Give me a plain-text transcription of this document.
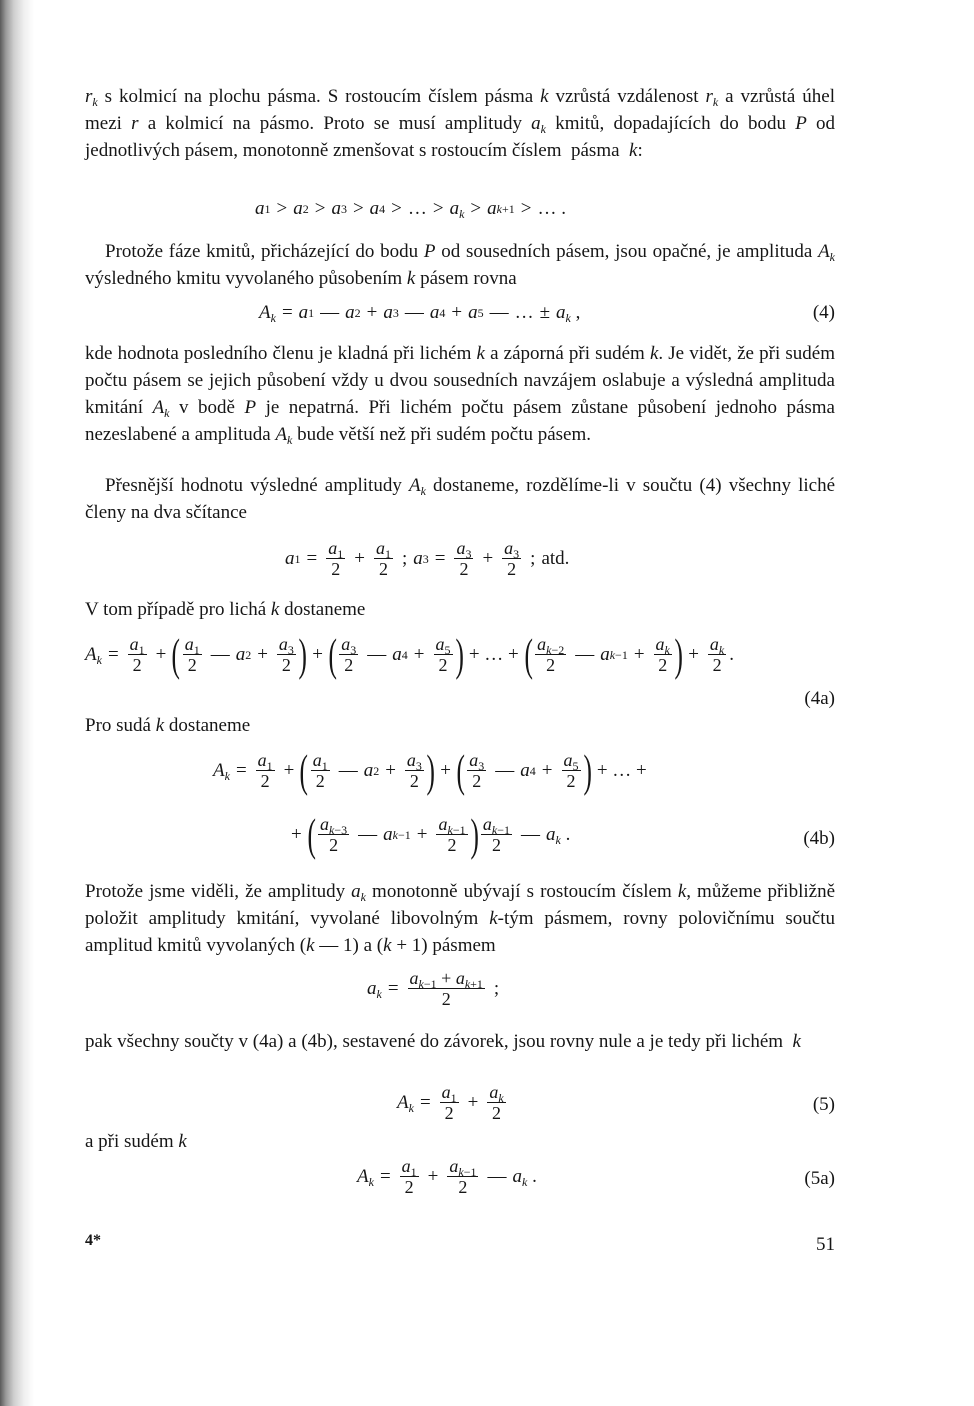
$r_k$ s kolmicí na plochu pásma. S rostoucím číslem pásma k vzrůstá vzdálenost $r_k$ a vzrůstá úhel mezi r a kolmicí na pásmo. Proto se musí amplitudy $a_k$ kmitů, dopadajících do bodu P od jednotlivých pásem, monotonně zmenšovat s rostoucím číslem  pásma  k:

a 1 > a 2 > a 3 > a 4 > … > $a_k > a$ k+1 > … .

Protože fáze kmitů, přicházející do bodu P od sousedních pásem, jsou opačné, je amplituda $A_k$ výsledného kmitu vyvolaného působením k pásem rovna

$A_k = a$ 1 — a 2 + a 3 — a 4 + a 5 — … ± $a_k$ ,	(4)

kde hodnota posledního členu je kladná při lichém k a záporná při sudém k. Je vidět, že při sudém počtu pásem se jejich působení vždy u dvou sousedních navzájem oslabuje a výsledná amplituda kmitání $A_k$ v bodě P je nepatrná. Při lichém počtu pásem zůstane působení jednoho pásma nezeslabené a amplituda $A_k$ bude větší než při sudém počtu pásem.

Přesnější hodnotu výsledné amplitudy $A_k$ dostaneme, rozdělíme-li v součtu (4) všechny liché členy na dva sčítance

a $1 = \frac{a_1}{2} + \frac{a_1}{2}$ ; a $3 = \frac{a_3}{2} + \frac{a_3}{2}$ ; atd.

V tom případě pro lichá k dostaneme

$A_k = \frac{a_1}{2}$ + ( $\frac{a_1}{2}$ — a $2 + \frac{a_3}{2}$ ) + ( $\frac{a_3}{2}$ — a $4 + \frac{a_5}{2}$ ) + … + ( $\frac{a_{k-2}}{2}$ — a $k-1 + \frac{a_k}{2}$ ) + $\frac{a_k}{2}$ .
(4a)

Pro sudá k dostaneme

$A_k = \frac{a_1}{2}$ + ( $\frac{a_1}{2}$ — a $2 + \frac{a_3}{2}$ ) + ( $\frac{a_3}{2}$ — a $4 + \frac{a_5}{2}$ ) + … +
+ ( $\frac{a_{k-3}}{2}$ — a $k-1 + \frac{a_{k-1}}{2}$ ) $\frac{a_{k-1}}{2}$ — $a_k$ .	(4b)

Protože jsme viděli, že amplitudy $a_k$ monotonně ubývají s rostoucím číslem k, můžeme přibližně položit amplitudy kmitání, vyvolané libovolným k-tým pásmem, rovny polovičnímu součtu amplitud kmitů vyvolaných (k — 1) a (k + 1) pásmem

$a_k = \frac{a_{k-1} + a_{k+1}}{2}$ ;

pak všechny součty v (4a) a (4b), sestavené do závorek, jsou rovny nule a je tedy při lichém  k

$A_k = \frac{a_1}{2} + \frac{a_k}{2}$	(5)

a při sudém k

$A_k = \frac{a_1}{2} + \frac{a_{k-1}}{2}$ — $a_k$ .	(5a)
4*	51
